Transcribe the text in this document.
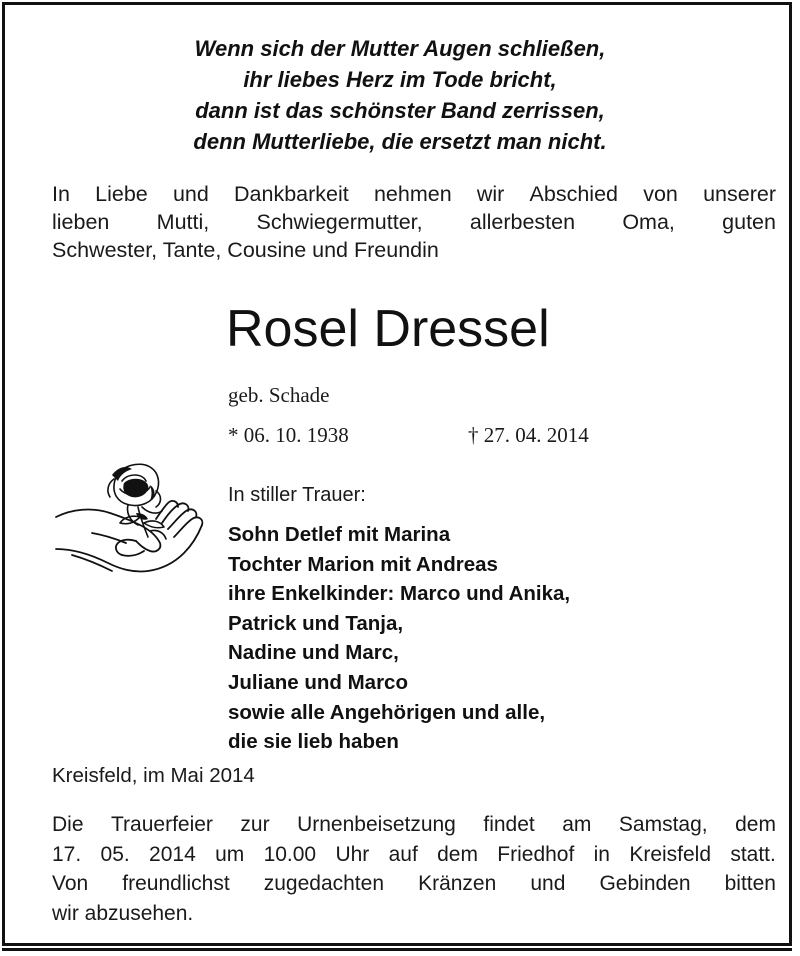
Wenn sich der Mutter Augen schließen,
ihr liebes Herz im Tode bricht,
dann ist das schönster Band zerrissen,
denn Mutterliebe, die ersetzt man nicht.
In Liebe und Dankbarkeit nehmen wir Abschied von unserer
lieben Mutti, Schwiegermutter, allerbesten Oma, guten
Schwester, Tante, Cousine und Freundin
Rosel Dressel
geb. Schade
* 06. 10. 1938	† 27. 04. 2014
In stiller Trauer:
Sohn Detlef mit Marina
Tochter Marion mit Andreas
ihre Enkelkinder: Marco und Anika,
Patrick und Tanja,
Nadine und Marc,
Juliane und Marco
sowie alle Angehörigen und alle,
die sie lieb haben
Kreisfeld, im Mai 2014
Die Trauerfeier zur Urnenbeisetzung findet am Samstag, dem
17. 05. 2014 um 10.00 Uhr auf dem Friedhof in Kreisfeld statt.
Von freundlichst zugedachten Kränzen und Gebinden bitten
wir abzusehen.
